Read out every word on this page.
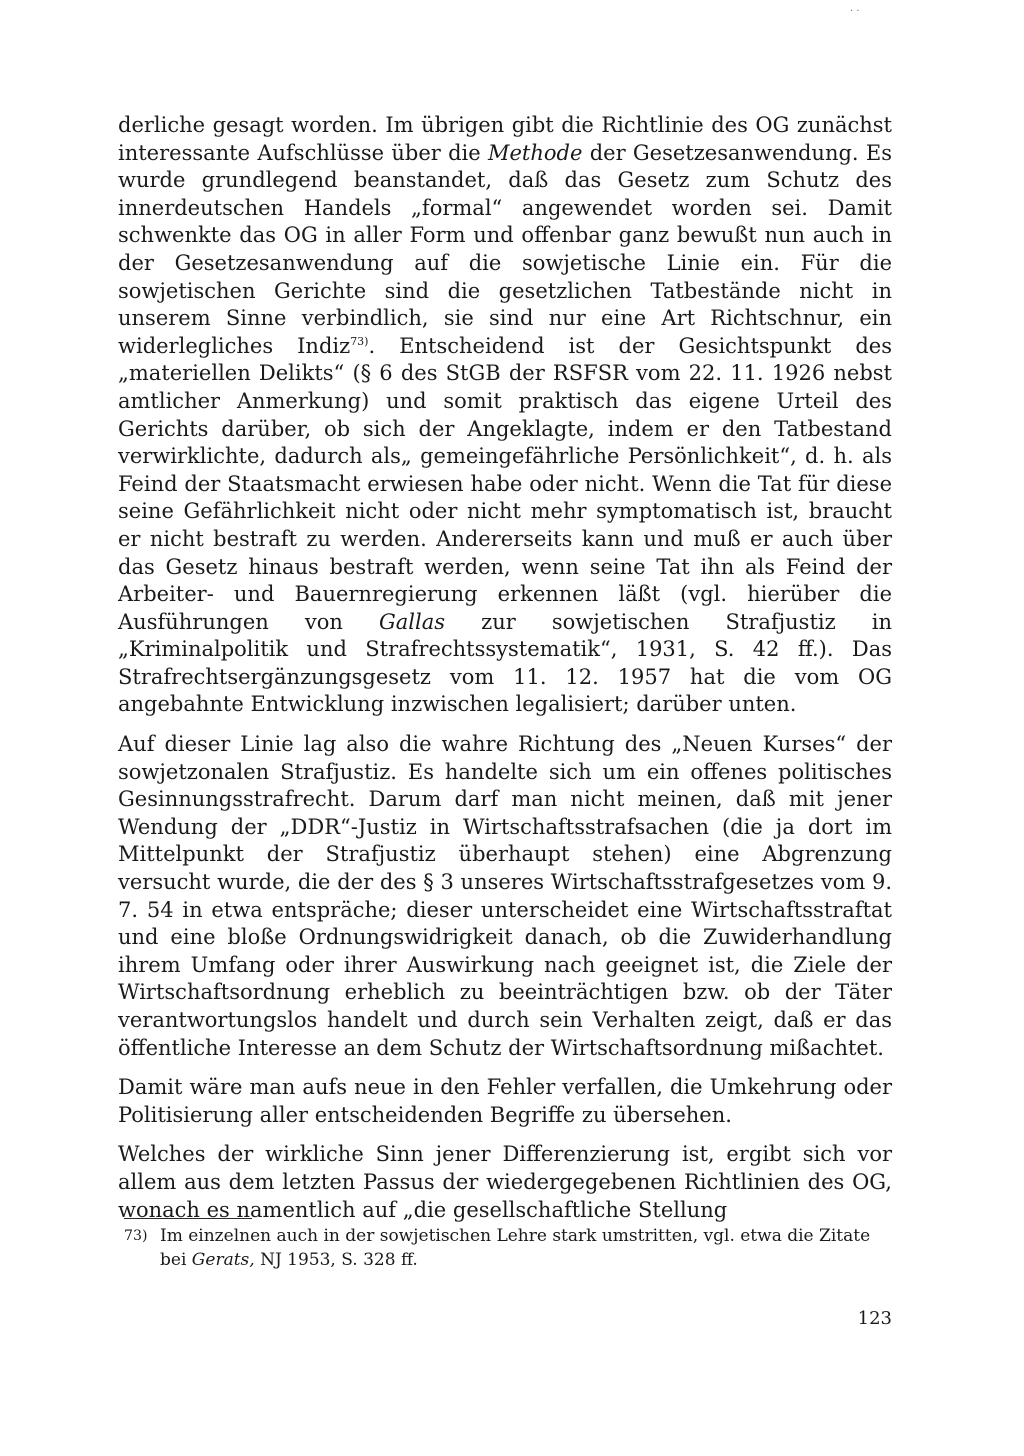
· ·

derliche gesagt worden. Im übrigen gibt die Richtlinie des OG zunächst interessante Aufschlüsse über die Methode der Gesetzesanwendung. Es wurde grundlegend beanstandet, daß das Gesetz zum Schutz des innerdeutschen Handels „formal“ angewendet worden sei. Damit schwenkte das OG in aller Form und offenbar ganz bewußt nun auch in der Gesetzesanwendung auf die sowjetische Linie ein. Für die sowjetischen Gerichte sind die gesetzlichen Tatbestände nicht in unserem Sinne verbindlich, sie sind nur eine Art Richtschnur, ein widerlegliches Indiz$^{73)}$. Entscheidend ist der Gesichtspunkt des „materiellen Delikts“ (§ 6 des StGB der RSFSR vom 22. 11. 1926 nebst amtlicher Anmerkung) und somit praktisch das eigene Urteil des Gerichts darüber, ob sich der Angeklagte, indem er den Tatbestand verwirklichte, dadurch als„ gemeingefährliche Persönlichkeit“, d. h. als Feind der Staatsmacht erwiesen habe oder nicht. Wenn die Tat für diese seine Gefährlichkeit nicht oder nicht mehr symptomatisch ist, braucht er nicht bestraft zu werden. Andererseits kann und muß er auch über das Gesetz hinaus bestraft werden, wenn seine Tat ihn als Feind der Arbeiter- und Bauernregierung erkennen läßt (vgl. hierüber die Ausführungen von Gallas zur sowjetischen Strafjustiz in „Kriminalpolitik und Strafrechtssystematik“, 1931, S. 42 ff.). Das Strafrechtsergänzungsgesetz vom 11. 12. 1957 hat die vom OG angebahnte Entwicklung inzwischen legalisiert; darüber unten.

Auf dieser Linie lag also die wahre Richtung des „Neuen Kurses“ der sowjetzonalen Strafjustiz. Es handelte sich um ein offenes politisches Gesinnungsstrafrecht. Darum darf man nicht meinen, daß mit jener Wendung der „DDR“-Justiz in Wirtschaftsstrafsachen (die ja dort im Mittelpunkt der Strafjustiz überhaupt stehen) eine Abgrenzung versucht wurde, die der des § 3 unseres Wirtschaftsstrafgesetzes vom 9. 7. 54 in etwa entspräche; dieser unterscheidet eine Wirtschaftsstraftat und eine bloße Ordnungswidrigkeit danach, ob die Zuwiderhandlung ihrem Umfang oder ihrer Auswirkung nach geeignet ist, die Ziele der Wirtschaftsordnung erheblich zu beeinträchtigen bzw. ob der Täter verantwortungslos handelt und durch sein Verhalten zeigt, daß er das öffentliche Interesse an dem Schutz der Wirtschaftsordnung mißachtet.

Damit wäre man aufs neue in den Fehler verfallen, die Umkehrung oder Politisierung aller entscheidenden Begriffe zu übersehen.

Welches der wirkliche Sinn jener Differenzierung ist, ergibt sich vor allem aus dem letzten Passus der wiedergegebenen Richtlinien des OG, wonach es namentlich auf „die gesellschaftliche Stellung

$^{73)}$ Im einzelnen auch in der sowjetischen Lehre stark umstritten, vgl. etwa die Zitate bei Gerats, NJ 1953, S. 328 ff.
123
